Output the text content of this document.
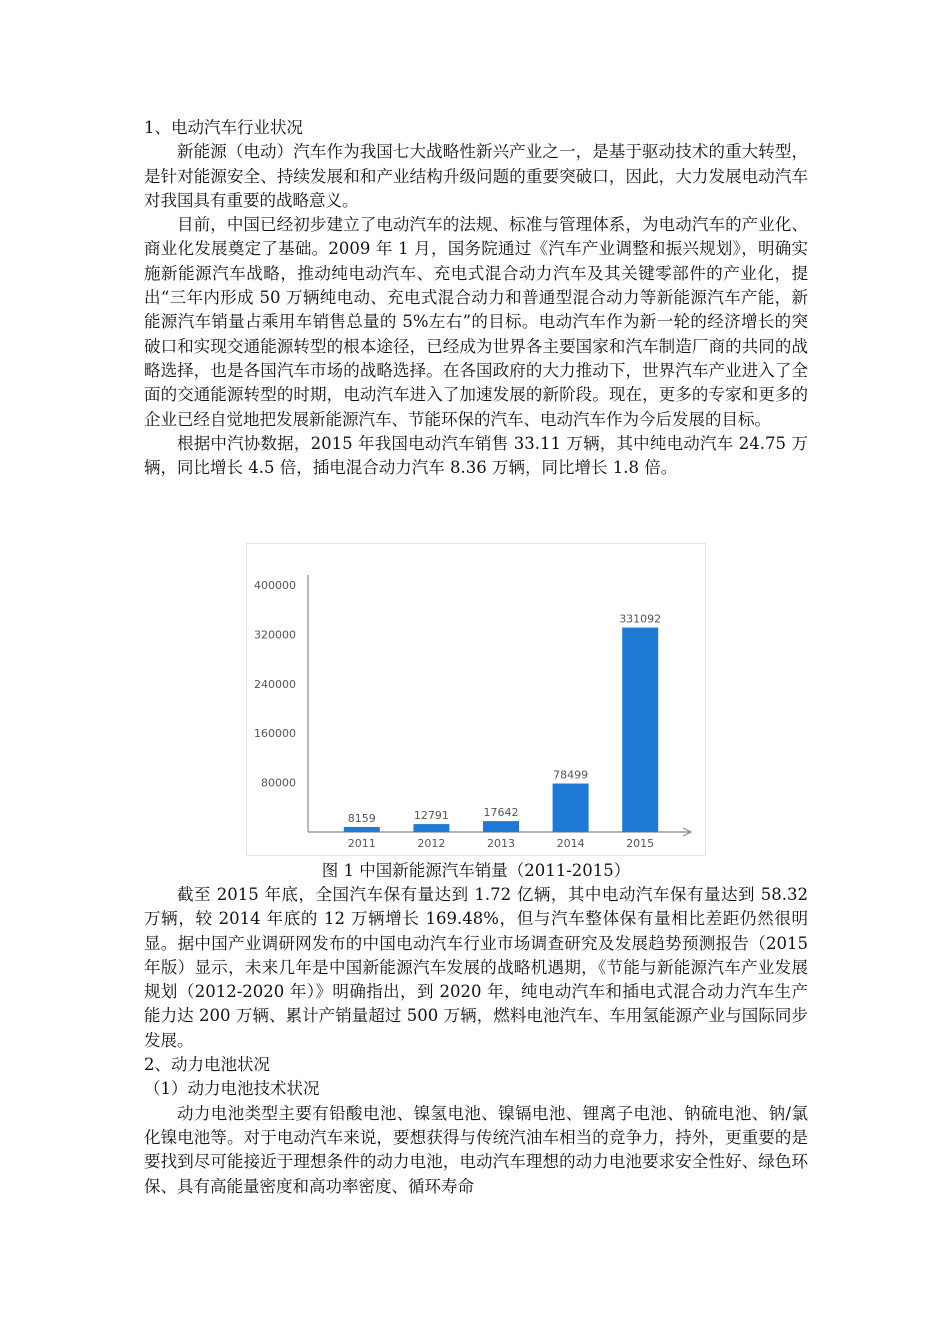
1、电动汽车行业状况

新能源（电动）汽车作为我国七大战略性新兴产业之一，是基于驱动技术的重大转型，是针对能源安全、持续发展和和产业结构升级问题的重要突破口，因此，大力发展电动汽车对我国具有重要的战略意义。

目前，中国已经初步建立了电动汽车的法规、标准与管理体系，为电动汽车的产业化、商业化发展奠定了基础。2009 年 1 月，国务院通过《汽车产业调整和振兴规划》，明确实施新能源汽车战略，推动纯电动汽车、充电式混合动力汽车及其关键零部件的产业化，提出“三年内形成 50 万辆纯电动、充电式混合动力和普通型混合动力等新能源汽车产能，新能源汽车销量占乘用车销售总量的 5%左右”的目标。电动汽车作为新一轮的经济增长的突破口和实现交通能源转型的根本途径，已经成为世界各主要国家和汽车制造厂商的共同的战略选择，也是各国汽车市场的战略选择。在各国政府的大力推动下，世界汽车产业进入了全面的交通能源转型的时期，电动汽车进入了加速发展的新阶段。现在，更多的专家和更多的企业已经自觉地把发展新能源汽车、节能环保的汽车、电动汽车作为今后发展的目标。

根据中汽协数据，2015 年我国电动汽车销售 33.11 万辆，其中纯电动汽车 24.75 万辆，同比增长 4.5 倍，插电混合动力汽车 8.36 万辆，同比增长 1.8 倍。

80000
160000
240000
320000
400000
8159
2011
12791
2012
17642
2013
78499
2014
331092
2015
图 1 中国新能源汽车销量（2011-2015）

截至 2015 年底，全国汽车保有量达到 1.72 亿辆，其中电动汽车保有量达到 58.32 万辆，较 2014 年底的 12 万辆增长 169.48%，但与汽车整体保有量相比差距仍然很明显。据中国产业调研网发布的中国电动汽车行业市场调查研究及发展趋势预测报告（2015 年版）显示，未来几年是中国新能源汽车发展的战略机遇期，《节能与新能源汽车产业发展规划（2012-2020 年）》明确指出，到 2020 年，纯电动汽车和插电式混合动力汽车生产能力达 200 万辆、累计产销量超过 500 万辆，燃料电池汽车、车用氢能源产业与国际同步发展。

2、动力电池状况

（1）动力电池技术状况

动力电池类型主要有铅酸电池、镍氢电池、镍镉电池、锂离子电池、钠硫电池、钠/氯化镍电池等。对于电动汽车来说，要想获得与传统汽油车相当的竞争力，持外，更重要的是要找到尽可能接近于理想条件的动力电池，电动汽车理想的动力电池要求安全性好、绿色环保、具有高能量密度和高功率密度、循环寿命
